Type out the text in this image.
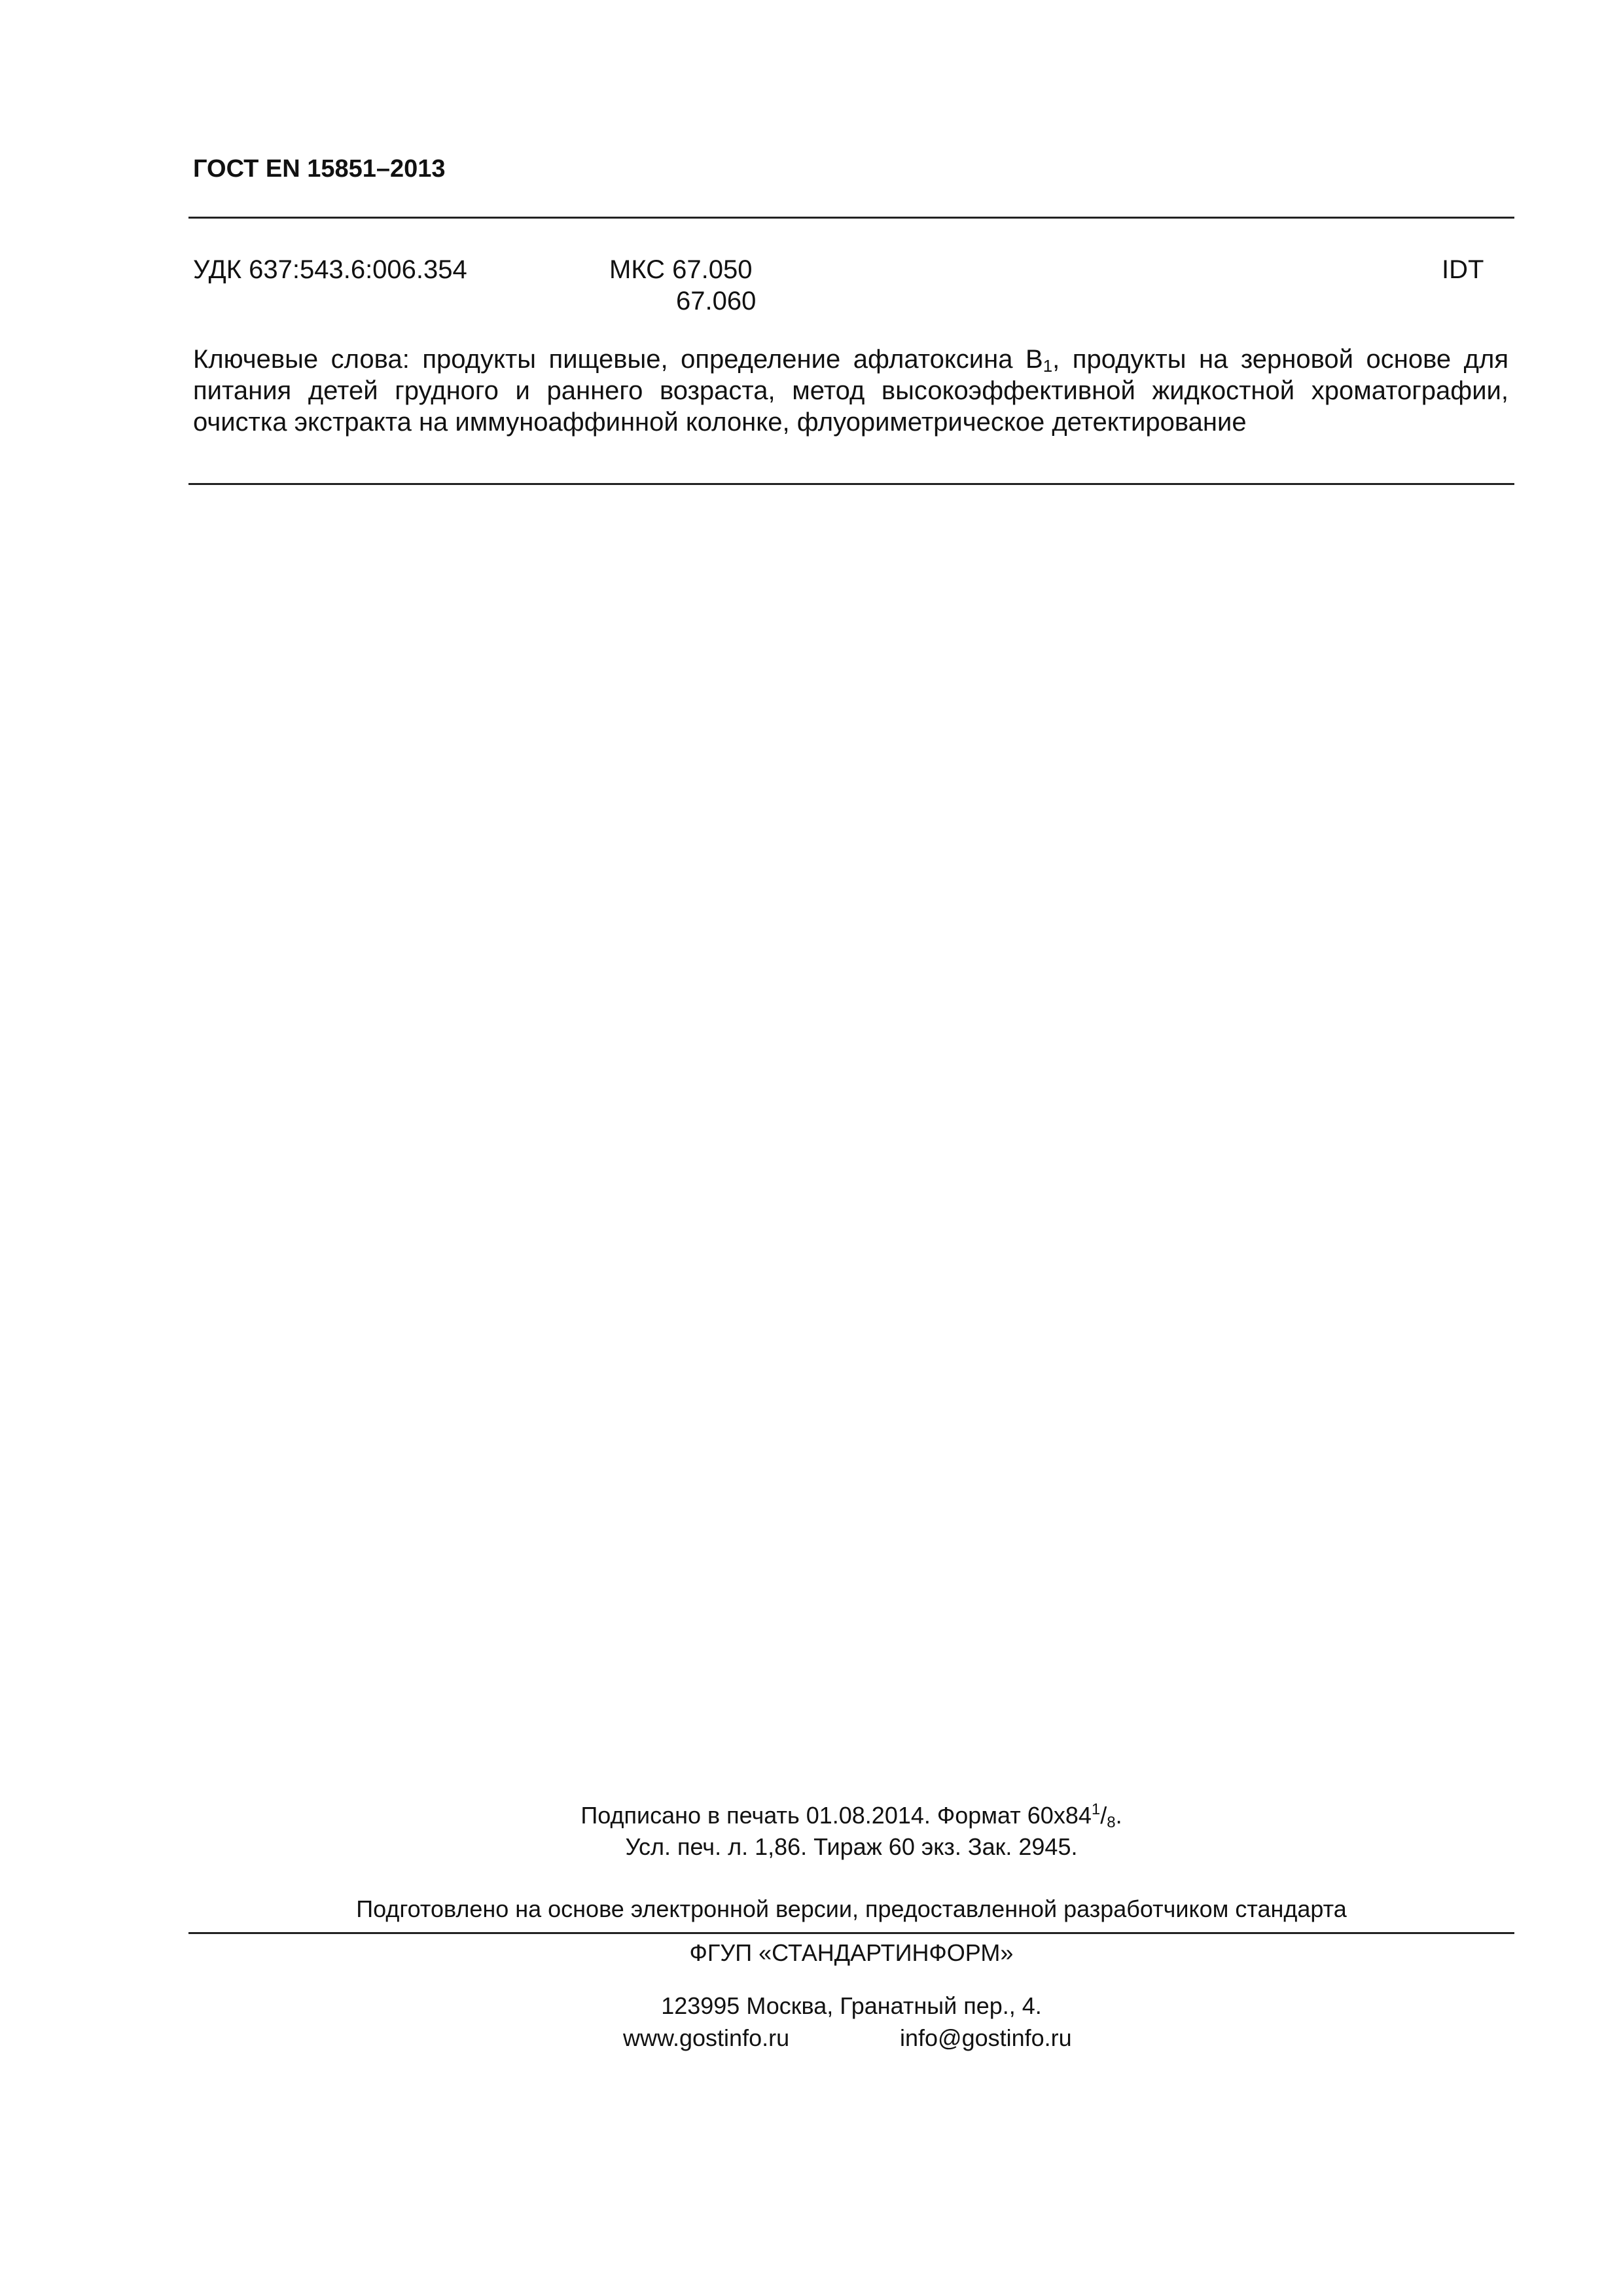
ГОСТ EN 15851–2013
УДК 637:543.6:006.354	МКС 67.050
67.060
IDT
Ключевые слова: продукты пищевые, определение афлатоксина $B_1$, продукты на зерновой основе для питания детей грудного и раннего возраста, метод высокоэффективной жидкостной хроматографии, очистка экстракта на иммуноаффинной колонке, флуориметрическое детектирование
Подписано в печать 01.08.2014. Формат $60x84^1/_8$.
Усл. печ. л. 1,86. Тираж 60 экз. Зак. 2945.
Подготовлено на основе электронной версии, предоставленной разработчиком стандарта
ФГУП «СТАНДАРТИНФОРМ»
123995 Москва, Гранатный пер., 4.
www.gostinfo.ru	info@gostinfo.ru
